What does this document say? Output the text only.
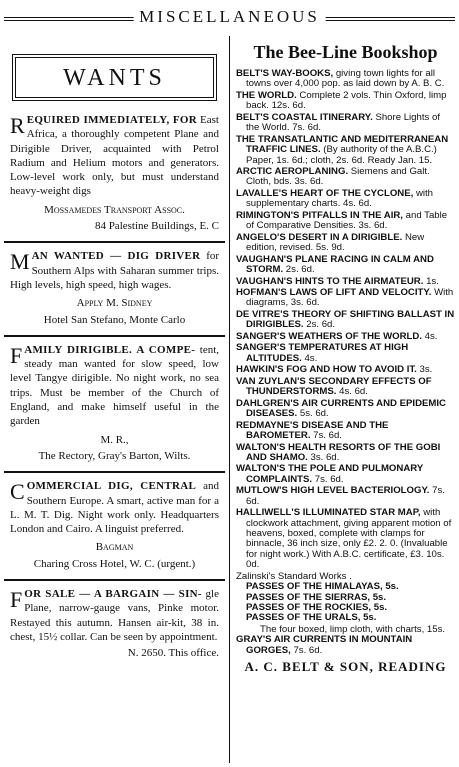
MISCELLANEOUS
WANTS

REQUIRED IMMEDIATELY, FOR East Africa, a thoroughly competent Plane and Dirigible Driver, acquainted with Petrol Radium and Helium motors and generators. Low-level work only, but must understand heavy-weight digs

Mossamedes Transport Assoc.
84 Palestine Buildings, E. C

MAN WANTED — DIG DRIVER for Southern Alps with Saharan summer trips. High levels, high speed, high wages.

Apply M. Sidney
Hotel San Stefano, Monte Carlo

FAMILY DIRIGIBLE. A COMPE- tent, steady man wanted for slow speed, low level Tangye dirigible. No night work, no sea trips. Must be member of the Church of England, and make himself useful in the garden

M. R.,
The Rectory, Gray's Barton, Wilts.

COMMERCIAL DIG, CENTRAL and Southern Europe. A smart, active man for a L. M. T. Dig. Night work only. Headquarters London and Cairo. A linguist preferred.

Bagman
Charing Cross Hotel, W. C. (urgent.)

FOR SALE — A BARGAIN — SIN- gle Plane, narrow-gauge vans, Pinke motor. Restayed this autumn. Hansen air-kit, 38 in. chest, 15½ collar. Can be seen by appointment.

N. 2650. This office.
The Bee-Line Bookshop
BELT'S WAY-BOOKS, giving town lights for all towns over 4,000 pop. as laid down by A. B. C.
THE WORLD. Complete 2 vols. Thin Oxford, limp back. 12s. 6d.
BELT'S COASTAL ITINERARY. Shore Lights of the World. 7s. 6d.
THE TRANSATLANTIC AND MEDITERRANEAN TRAFFIC LINES. (By authority of the A.B.C.) Paper, 1s. 6d.; cloth, 2s. 6d. Ready Jan. 15.
ARCTIC AEROPLANING. Siemens and Galt. Cloth, bds. 3s. 6d.
LAVALLE'S HEART OF THE CYCLONE, with supplementary charts. 4s. 6d.
RIMINGTON'S PITFALLS IN THE AIR, and Table of Comparative Densities. 3s. 6d.
ANGELO'S DESERT IN A DIRIGIBLE. New edition, revised. 5s. 9d.
VAUGHAN'S PLANE RACING IN CALM AND STORM. 2s. 6d.
VAUGHAN'S HINTS TO THE AIRMATEUR. 1s.
HOFMAN'S LAWS OF LIFT AND VELOCITY. With diagrams, 3s. 6d.
DE VITRE'S THEORY OF SHIFTING BALLAST IN DIRIGIBLES. 2s. 6d.
SANGER'S WEATHERS OF THE WORLD. 4s.
SANGER'S TEMPERATURES AT HIGH ALTITUDES. 4s.
HAWKIN'S FOG AND HOW TO AVOID IT. 3s.
VAN ZUYLAN'S SECONDARY EFFECTS OF THUNDERSTORMS. 4s. 6d.
DAHLGREN'S AIR CURRENTS AND EPIDEMIC DISEASES. 5s. 6d.
REDMAYNE'S DISEASE AND THE BAROMETER. 7s. 6d.
WALTON'S HEALTH RESORTS OF THE GOBI AND SHAMO. 3s. 6d.
WALTON'S THE POLE AND PULMONARY COMPLAINTS. 7s. 6d.
MUTLOW'S HIGH LEVEL BACTERIOLOGY. 7s. 6d.
HALLIWELL'S ILLUMINATED STAR MAP, with clockwork attachment, giving apparent motion of heavens, boxed, complete with clamps for binnacle, 36 inch size, only £2. 2. 0. (Invaluable for night work.) With A.B.C. certificate, £3. 10s. 0d.
Zalinski's Standard Works .
PASSES OF THE HIMALAYAS, 5s.
PASSES OF THE SIERRAS, 5s.
PASSES OF THE ROCKIES, 5s.
PASSES OF THE URALS, 5s.
The four boxed, limp cloth, with charts, 15s.
GRAY'S AIR CURRENTS IN MOUNTAIN GORGES, 7s. 6d.
A. C. BELT & SON, READING
